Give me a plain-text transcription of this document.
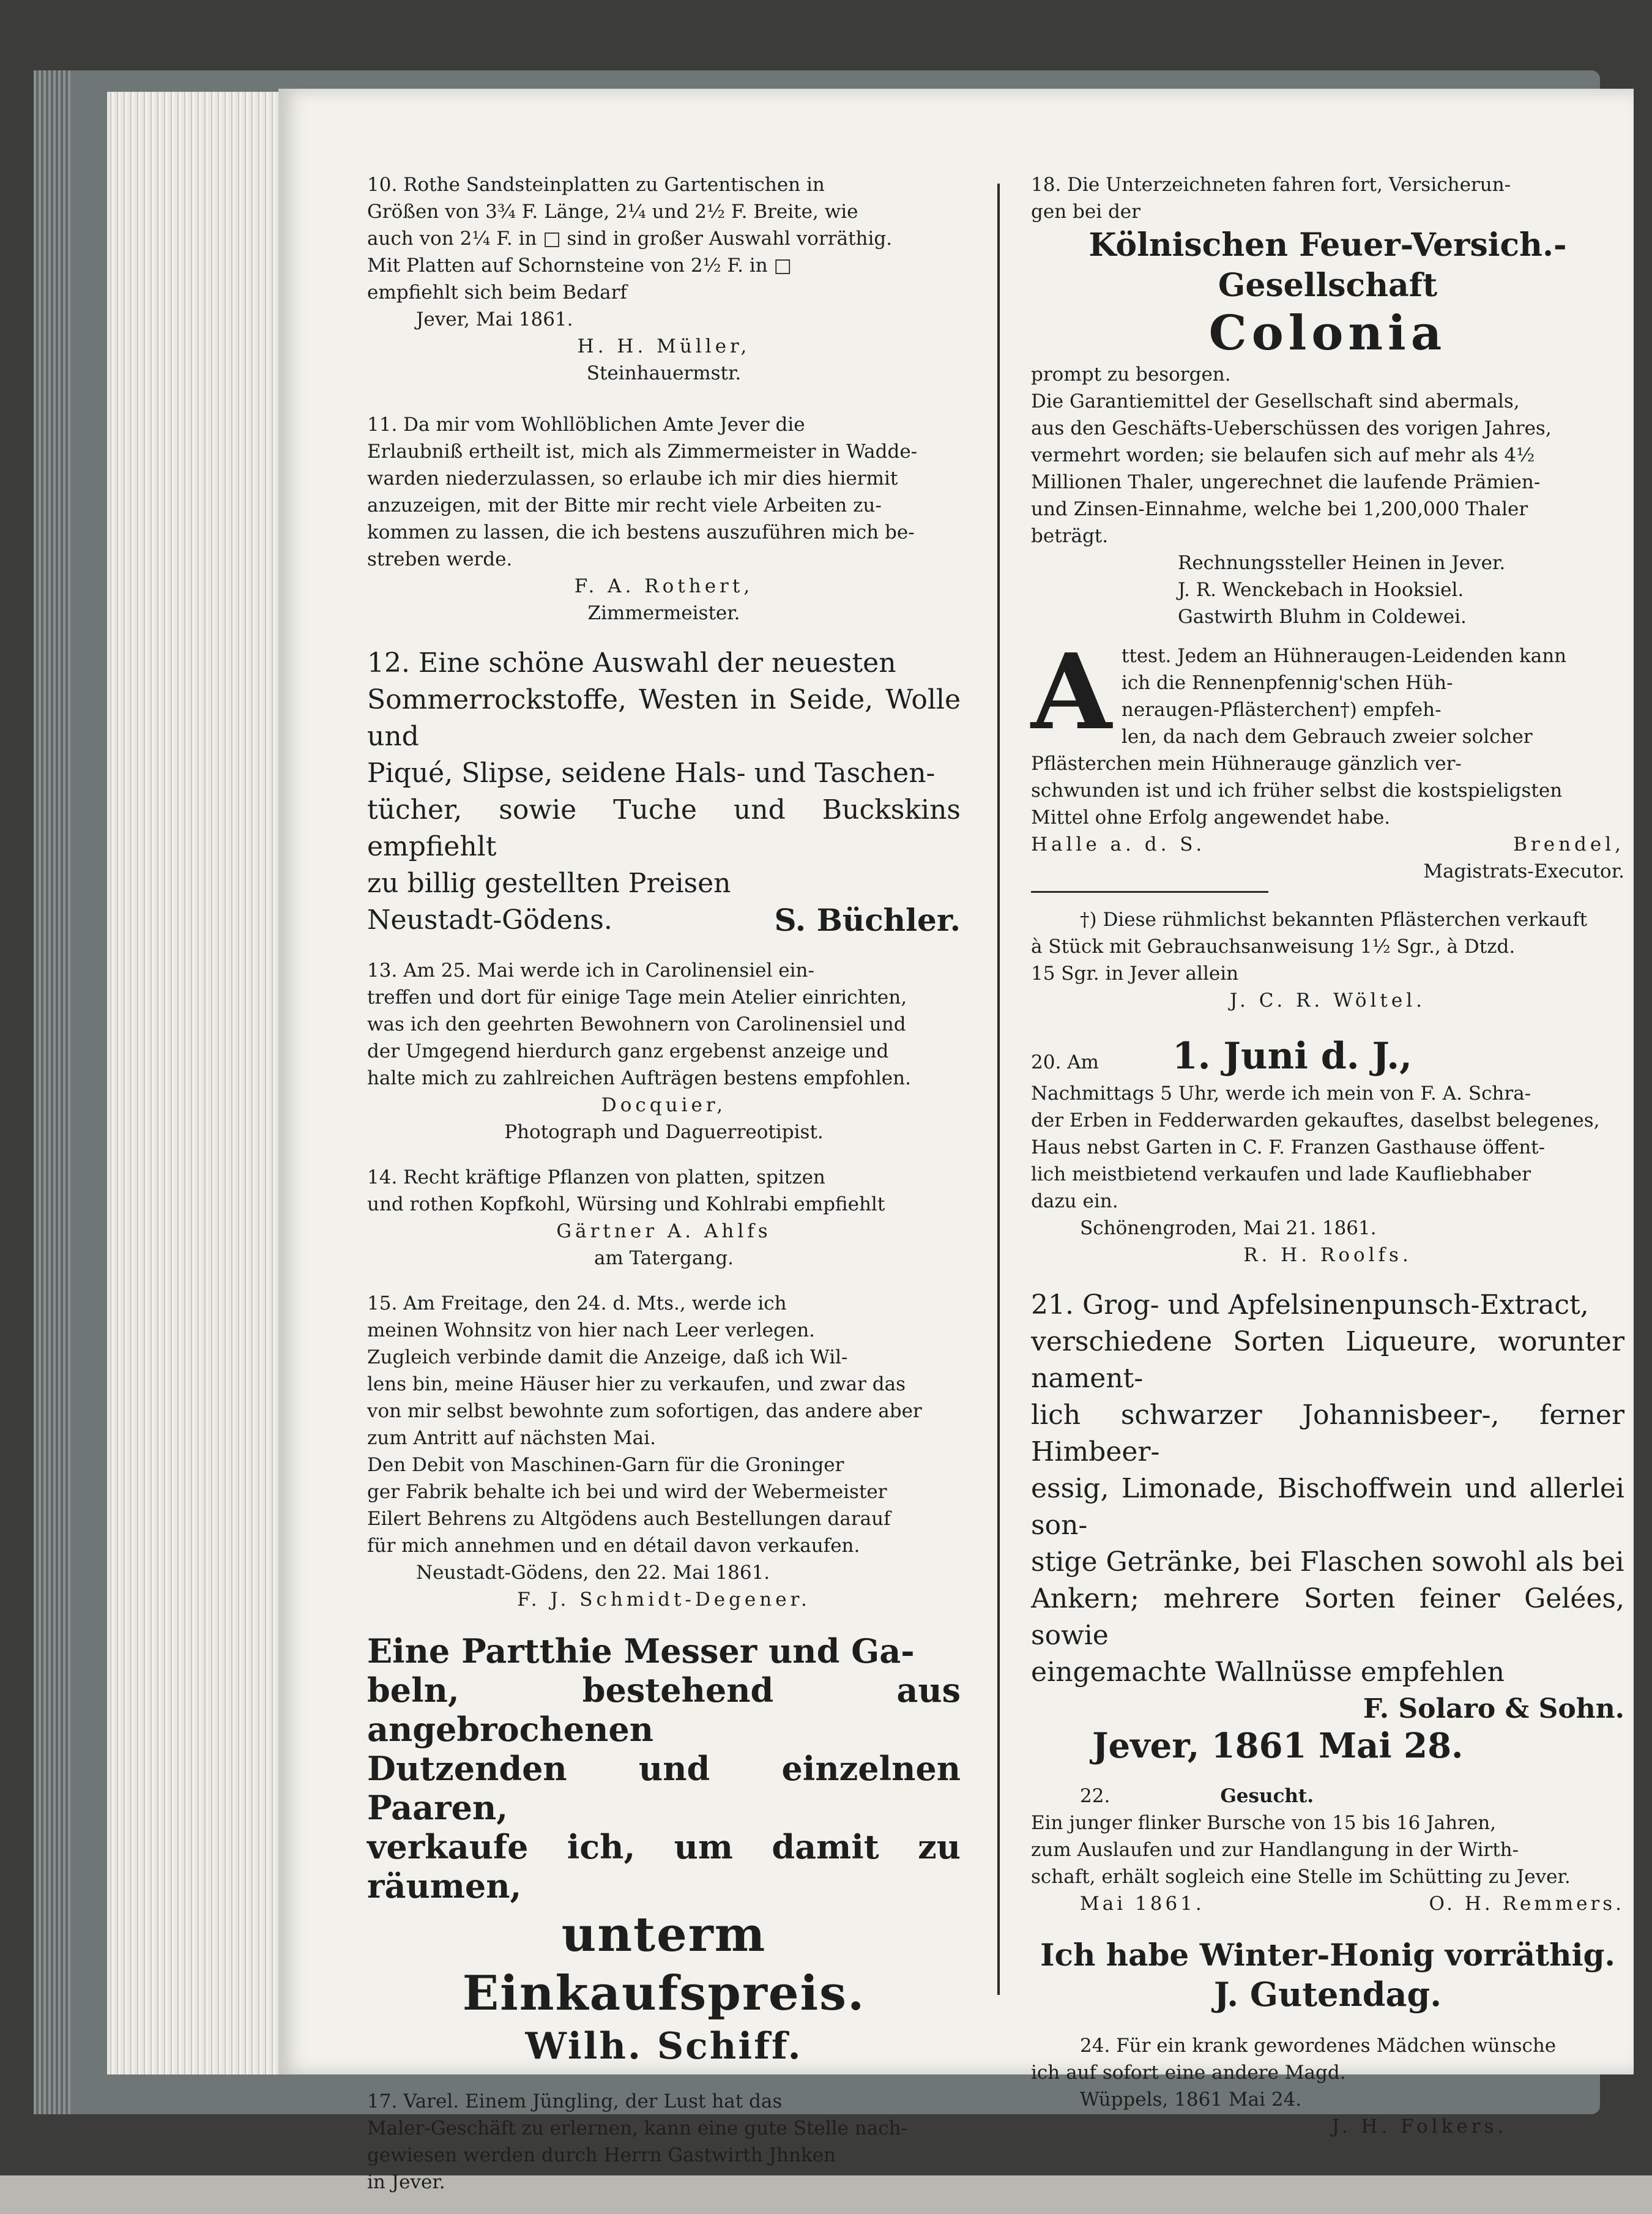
10. Rothe Sandsteinplatten zu Gartentischen in

Größen von 3¾ F. Länge, 2¼ und 2½ F. Breite, wie

auch von 2¼ F. in □ sind in großer Auswahl vorräthig.

Mit Platten auf Schornsteine von 2½ F. in □

empfiehlt sich beim Bedarf

Jever, Mai 1861.

H. H. Müller,

Steinhauermstr.

11. Da mir vom Wohllöblichen Amte Jever die

Erlaubniß ertheilt ist, mich als Zimmermeister in Wadde-

warden niederzulassen, so erlaube ich mir dies hiermit

anzuzeigen, mit der Bitte mir recht viele Arbeiten zu-

kommen zu lassen, die ich bestens auszuführen mich be-

streben werde.

F. A. Rothert,

Zimmermeister.

12. Eine schöne Auswahl der neuesten

Sommerrockstoffe, Westen in Seide, Wolle und

Piqué, Slipse, seidene Hals- und Taschen-

tücher, sowie Tuche und Buckskins empfiehlt

zu billig gestellten Preisen

Neustadt-Gödens.	S. Büchler.

13. Am 25. Mai werde ich in Carolinensiel ein-

treffen und dort für einige Tage mein Atelier einrichten,

was ich den geehrten Bewohnern von Carolinensiel und

der Umgegend hierdurch ganz ergebenst anzeige und

halte mich zu zahlreichen Aufträgen bestens empfohlen.

Docquier,

Photograph und Daguerreotipist.

14. Recht kräftige Pflanzen von platten, spitzen

und rothen Kopfkohl, Würsing und Kohlrabi empfiehlt

Gärtner A. Ahlfs

am Tatergang.

15. Am Freitage, den 24. d. Mts., werde ich

meinen Wohnsitz von hier nach Leer verlegen.

Zugleich verbinde damit die Anzeige, daß ich Wil-

lens bin, meine Häuser hier zu verkaufen, und zwar das

von mir selbst bewohnte zum sofortigen, das andere aber

zum Antritt auf nächsten Mai.

Den Debit von Maschinen-Garn für die Groninger

ger Fabrik behalte ich bei und wird der Webermeister

Eilert Behrens zu Altgödens auch Bestellungen darauf

für mich annehmen und en détail davon verkaufen.

Neustadt-Gödens, den 22. Mai 1861.

F. J. Schmidt-Degener.

Eine Partthie Messer und Ga-

beln, bestehend aus angebrochenen

Dutzenden und einzelnen Paaren,

verkaufe ich, um damit zu räumen,

unterm Einkaufspreis.

Wilh. Schiff.

17. Varel. Einem Jüngling, der Lust hat das

Maler-Geschäft zu erlernen, kann eine gute Stelle nach-

gewiesen werden durch Herrn Gastwirth Jhnken

in Jever.

18. Die Unterzeichneten fahren fort, Versicherun-

gen bei der

Kölnischen Feuer-Versich.-Gesellschaft

Colonia

prompt zu besorgen.

Die Garantiemittel der Gesellschaft sind abermals,

aus den Geschäfts-Ueberschüssen des vorigen Jahres,

vermehrt worden; sie belaufen sich auf mehr als 4½

Millionen Thaler, ungerechnet die laufende Prämien-

und Zinsen-Einnahme, welche bei 1,200,000 Thaler

beträgt.

Rechnungssteller Heinen in Jever.

J. R. Wenckebach in Hooksiel.

Gastwirth Bluhm in Coldewei.

A ttest. Jedem an Hühneraugen-Leidenden kann

ich die Rennenpfennig'schen Hüh-

neraugen-Pflästerchen†) empfeh-

len, da nach dem Gebrauch zweier solcher

Pflästerchen mein Hühnerauge gänzlich ver-

schwunden ist und ich früher selbst die kostspieligsten

Mittel ohne Erfolg angewendet habe.

Halle a. d. S.	Brendel,

Magistrats-Executor.

†) Diese rühmlichst bekannten Pflästerchen verkauft

à Stück mit Gebrauchsanweisung 1½ Sgr., à Dtzd.

15 Sgr. in Jever allein

J. C. R. Wöltel.

20. Am 1. Juni d. J.,

Nachmittags 5 Uhr, werde ich mein von F. A. Schra-

der Erben in Fedderwarden gekauftes, daselbst belegenes,

Haus nebst Garten in C. F. Franzen Gasthause öffent-

lich meistbietend verkaufen und lade Kaufliebhaber

dazu ein.

Schönengroden, Mai 21. 1861.

R. H. Roolfs.

21. Grog- und Apfelsinenpunsch-Extract,

verschiedene Sorten Liqueure, worunter nament-

lich schwarzer Johannisbeer-, ferner Himbeer-

essig, Limonade, Bischoffwein und allerlei son-

stige Getränke, bei Flaschen sowohl als bei

Ankern; mehrere Sorten feiner Gelées, sowie

eingemachte Wallnüsse empfehlen

F. Solaro & Sohn.

Jever, 1861 Mai 28.

22.	Gesucht.

Ein junger flinker Bursche von 15 bis 16 Jahren,

zum Auslaufen und zur Handlangung in der Wirth-

schaft, erhält sogleich eine Stelle im Schütting zu Jever.

Mai 1861.	O. H. Remmers.

Ich habe Winter-Honig vorräthig.

J. Gutendag.

24. Für ein krank gewordenes Mädchen wünsche

ich auf sofort eine andere Magd.

Wüppels, 1861 Mai 24.

J. H. Folkers.
